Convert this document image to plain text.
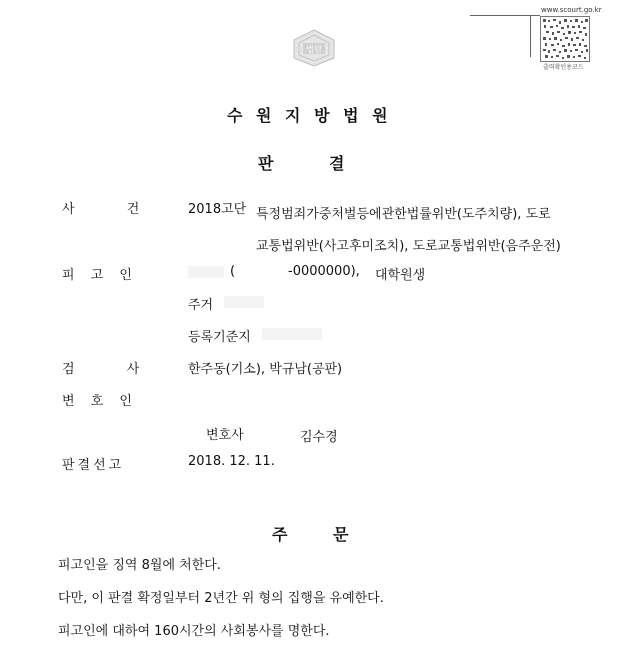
www.scourt.go.kr
출력확인용코드
법원
수 원 지 방 법 원
판 결
사 건	2018고단 특정범죄가중처벌등에관한법률위반(도주치량), 도로
교통법위반(사고후미조치), 도로교통법위반(음주운전)
피 고 인	(	-0000000), 대학원생
주거
등록기준지
검 사	한주동(기소), 박규남(공판)
변 호 인
변호사	김수경
판결선고	2018. 12. 11.
주 문
피고인을 징역 8월에 처한다.
다만, 이 판결 확정일부터 2년간 위 형의 집행을 유예한다.
피고인에 대하여 160시간의 사회봉사를 명한다.
